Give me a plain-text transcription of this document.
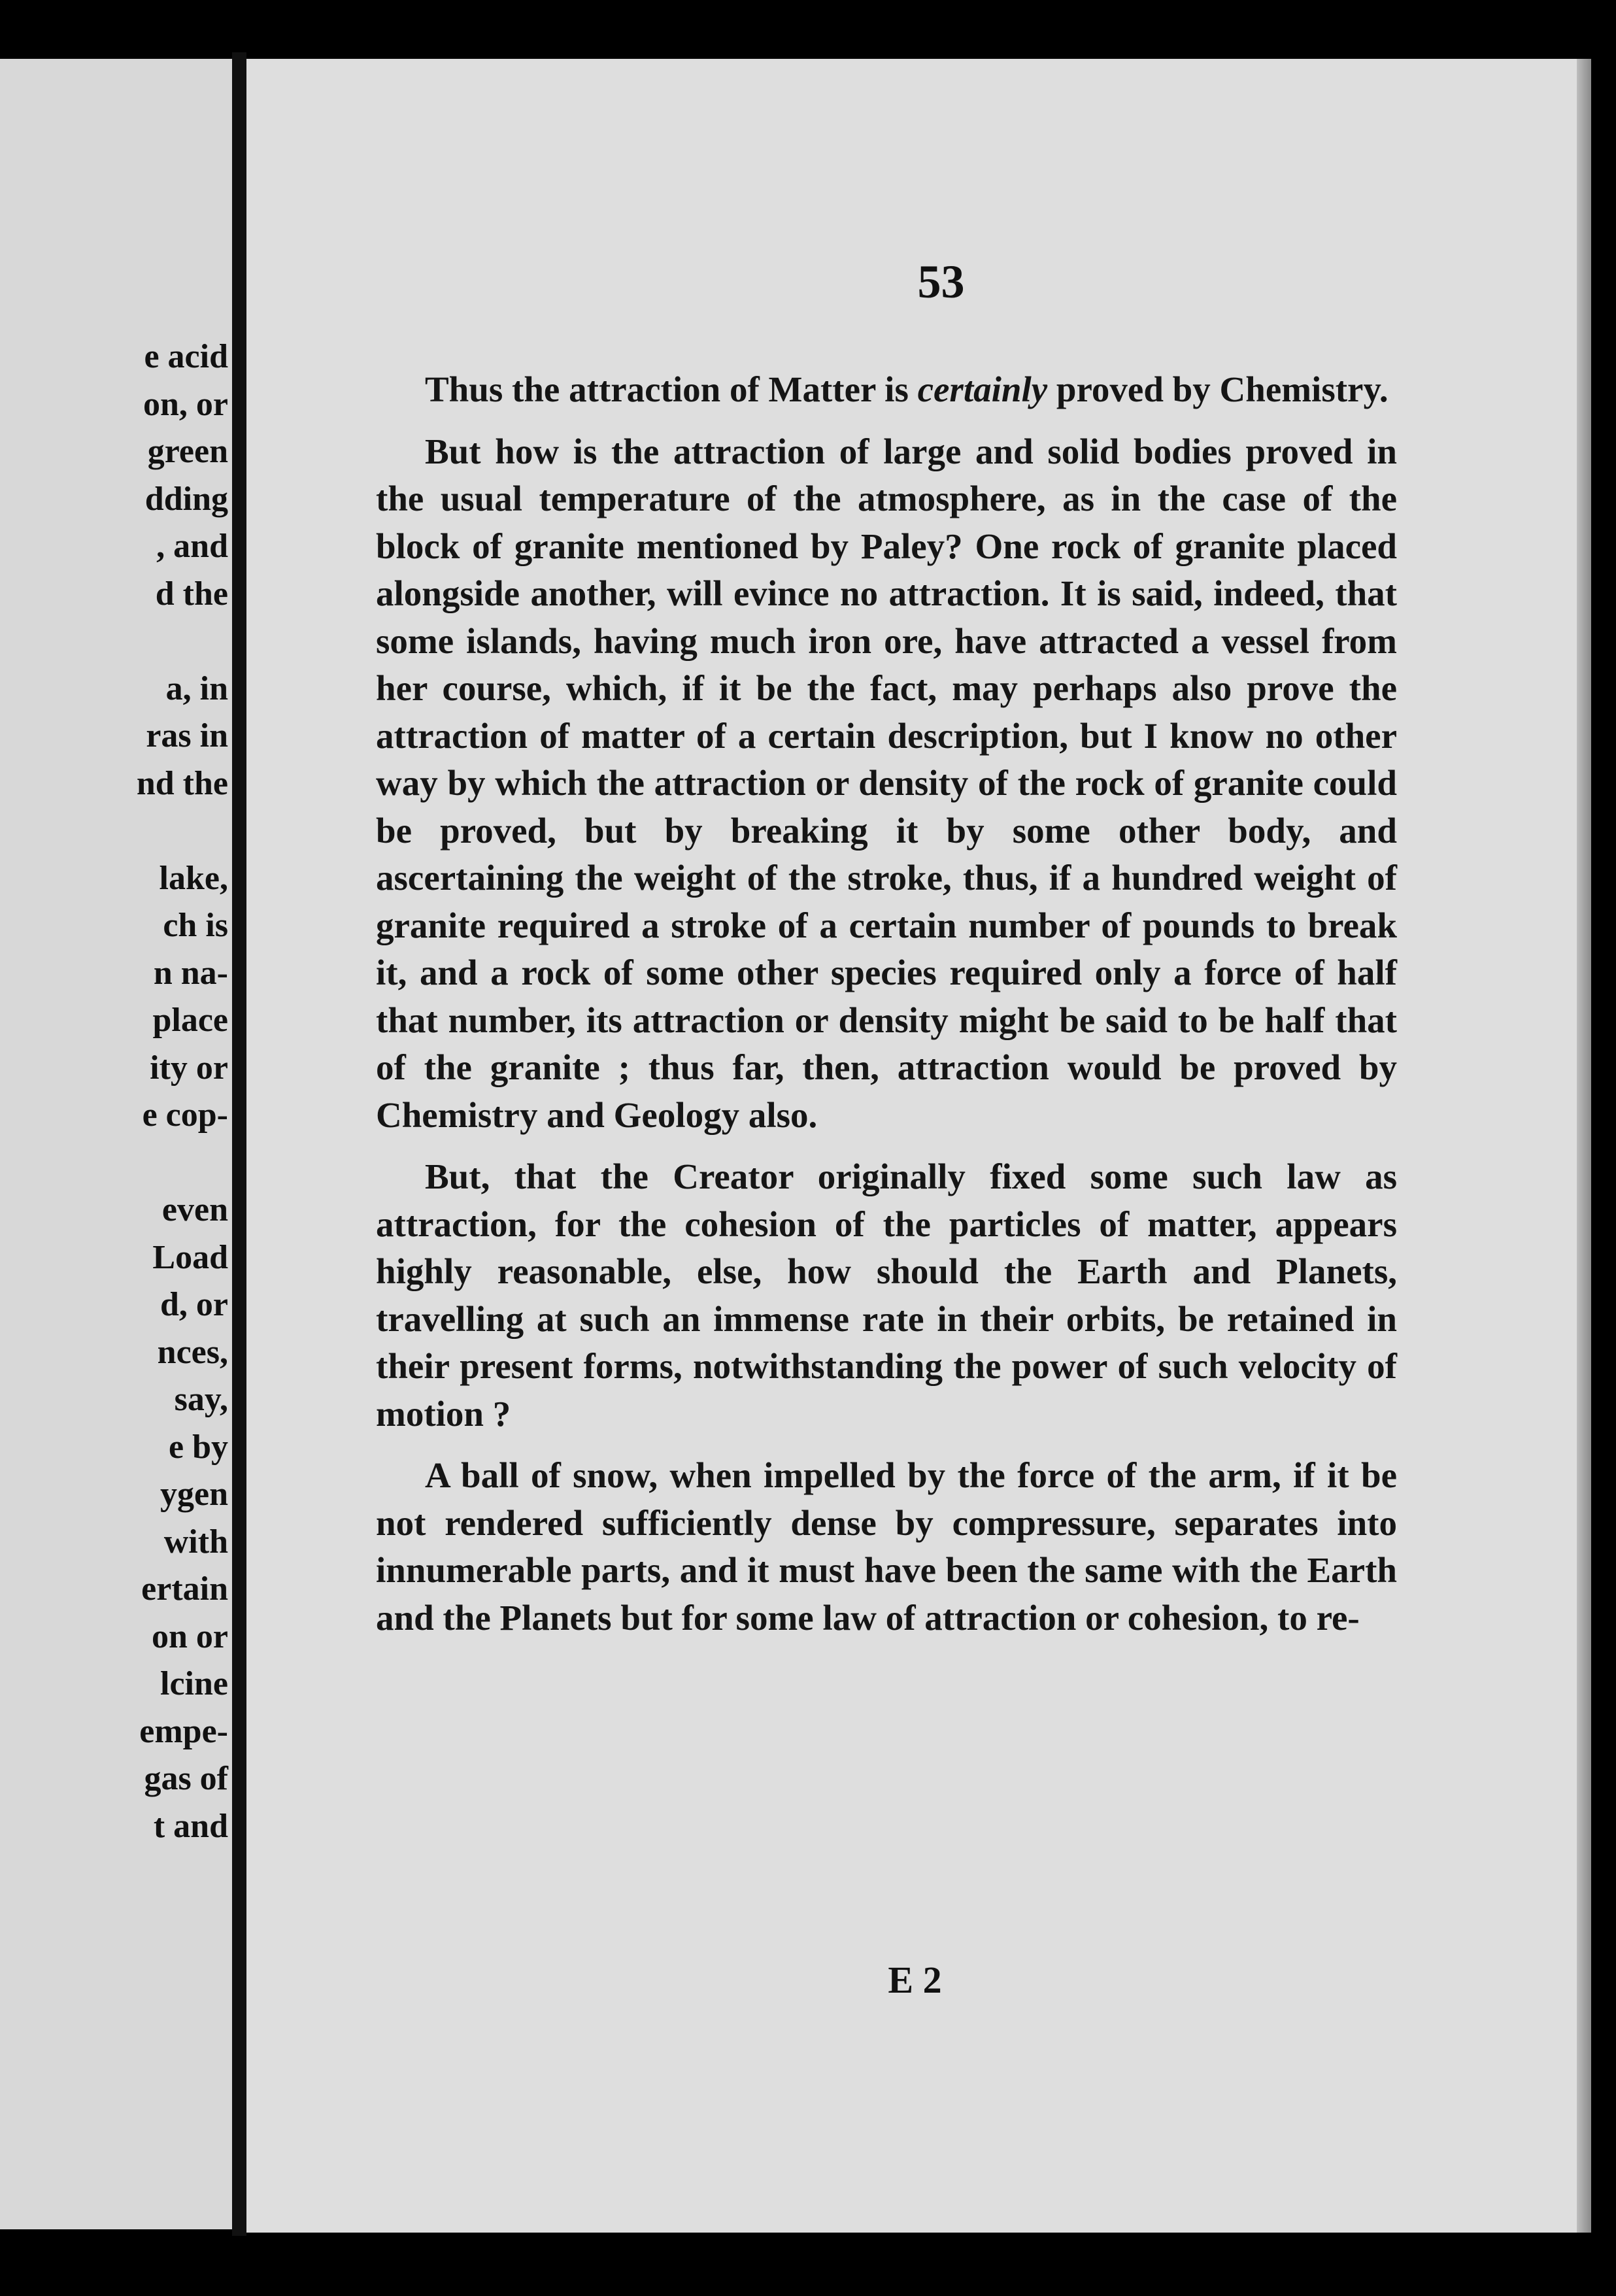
e acid
on, or
green
dding
, and
d the
a, in
ras in
nd the
lake,
ch is
n na-
place
ity or
e cop-
even
Load
d, or
nces,
say,
e by
ygen
with
ertain
on or
lcine
empe-
gas of
t and
53

Thus the attraction of Matter is certainly proved by Chemistry.

But how is the attraction of large and solid bodies proved in the usual temperature of the atmosphere, as in the case of the block of granite mentioned by Paley? One rock of granite placed alongside another, will evince no attraction. It is said, indeed, that some islands, having much iron ore, have attracted a vessel from her course, which, if it be the fact, may perhaps also prove the attraction of matter of a certain description, but I know no other way by which the attraction or density of the rock of granite could be proved, but by breaking it by some other body, and ascertaining the weight of the stroke, thus, if a hundred weight of granite required a stroke of a certain number of pounds to break it, and a rock of some other species required only a force of half that number, its attraction or density might be said to be half that of the granite ; thus far, then, attraction would be proved by Chemistry and Geology also.

But, that the Creator originally fixed some such law as attraction, for the cohesion of the particles of matter, appears highly reasonable, else, how should the Earth and Planets, travelling at such an immense rate in their orbits, be retained in their present forms, notwithstanding the power of such velocity of motion ?

A ball of snow, when impelled by the force of the arm, if it be not rendered sufficiently dense by compressure, separates into innumerable parts, and it must have been the same with the Earth and the Planets but for some law of attraction or cohesion, to re-

E 2
